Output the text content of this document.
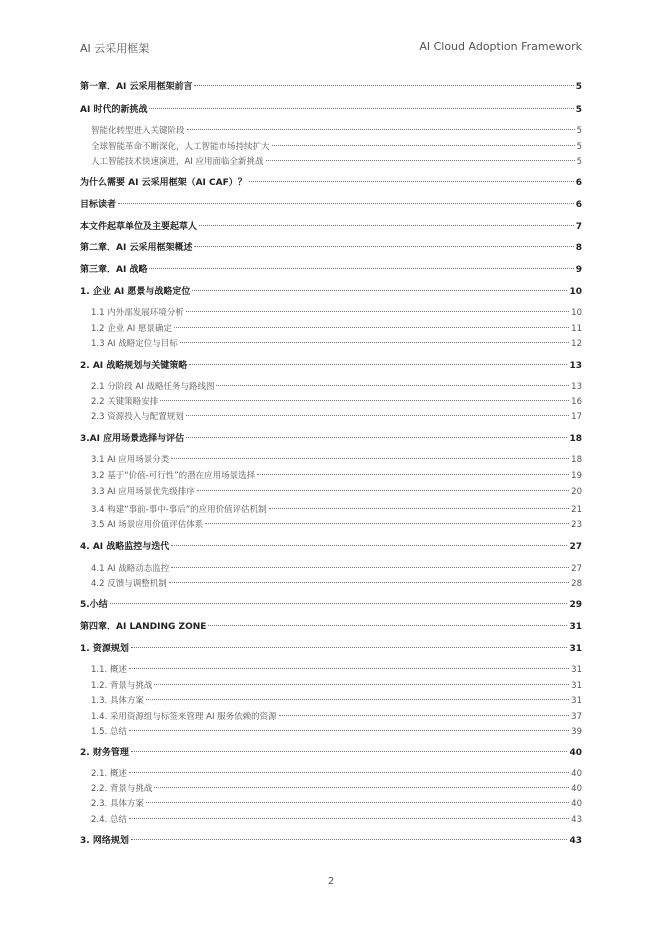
AI 云采用框架	AI Cloud Adoption Framework
第一章．AI 云采用框架前言	5
AI 时代的新挑战	5
智能化转型进入关键阶段	5
全球智能革命不断深化，人工智能市场持续扩大	5
人工智能技术快速演进，AI 应用面临全新挑战	5
为什么需要 AI 云采用框架（AI CAF）？	6
目标读者	6
本文件起草单位及主要起草人	7
第二章．AI 云采用框架概述	8
第三章．AI 战略	9
1. 企业 AI 愿景与战略定位	10
1.1 内外部发展环境分析	10
1.2 企业 AI 愿景确定	11
1.3 AI 战略定位与目标	12
2. AI 战略规划与关键策略	13
2.1 分阶段 AI 战略任务与路线图	13
2.2 关键策略安排	16
2.3 资源投入与配置规划	17
3.AI 应用场景选择与评估	18
3.1 AI 应用场景分类	18
3.2 基于“价值-可行性”的潜在应用场景选择	19
3.3 AI 应用场景优先级排序	20
3.4 构建“事前-事中-事后”的应用价值评估机制	21
3.5 AI 场景应用价值评估体系	23
4. AI 战略监控与迭代	27
4.1 AI 战略动态监控	27
4.2 反馈与调整机制	28
5.小结	29
第四章．AI LANDING ZONE	31
1. 资源规划	31
1.1. 概述	31
1.2. 背景与挑战	31
1.3. 具体方案	31
1.4. 采用资源组与标签来管理 AI 服务依赖的资源	37
1.5. 总结	39
2. 财务管理	40
2.1. 概述	40
2.2. 背景与挑战	40
2.3. 具体方案	40
2.4. 总结	43
3. 网络规划	43
2
